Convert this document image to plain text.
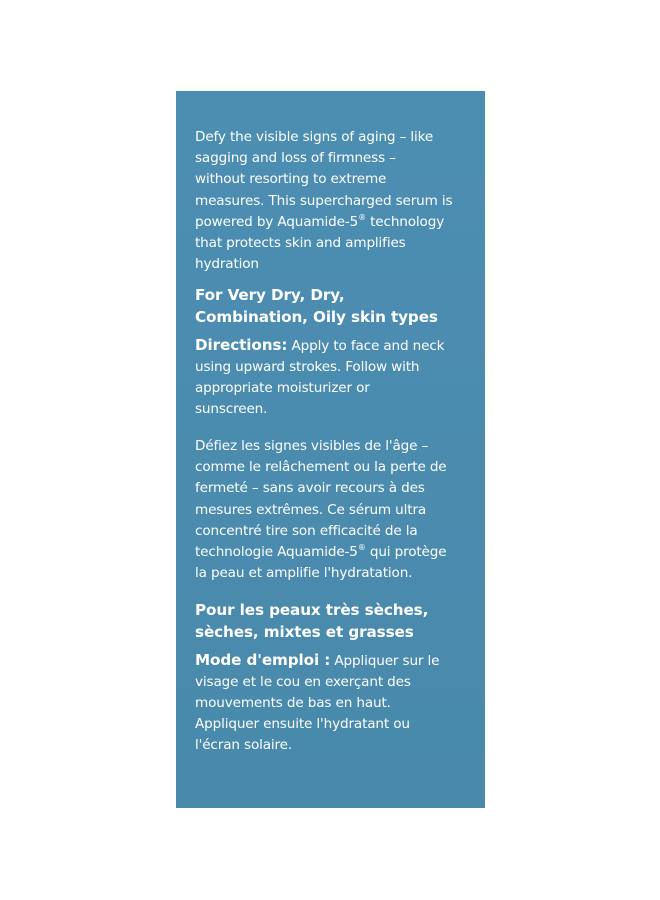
Defy the visible signs of aging – like
sagging and loss of firmness –
without resorting to extreme
measures. This supercharged serum is
powered by Aquamide-5® technology
that protects skin and amplifies
hydration
For Very Dry, Dry,
Combination, Oily skin types
Directions: Apply to face and neck
using upward strokes. Follow with
appropriate moisturizer or
sunscreen.
Défiez les signes visibles de l'âge –
comme le relâchement ou la perte de
fermeté – sans avoir recours à des
mesures extrêmes. Ce sérum ultra
concentré tire son efficacité de la
technologie Aquamide-5® qui protège
la peau et amplifie l'hydratation.
Pour les peaux très sèches,
sèches, mixtes et grasses
Mode d'emploi : Appliquer sur le
visage et le cou en exerçant des
mouvements de bas en haut.
Appliquer ensuite l'hydratant ou
l'écran solaire.
